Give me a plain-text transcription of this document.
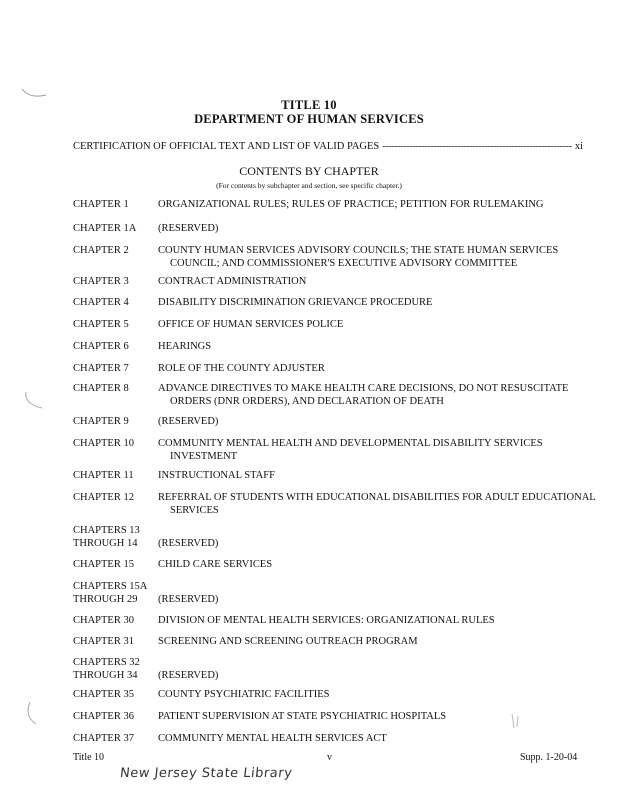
TITLE 10
DEPARTMENT OF HUMAN SERVICES
CERTIFICATION OF OFFICIAL TEXT AND LIST OF VALID PAGES
-----	xi
CONTENTS BY CHAPTER
(For contents by subchapter and section, see specific chapter.)
CHAPTER 1	ORGANIZATIONAL RULES; RULES OF PRACTICE; PETITION FOR RULEMAKING
CHAPTER 1A	(RESERVED)
CHAPTER 2	COUNTY HUMAN SERVICES ADVISORY COUNCILS; THE STATE HUMAN SERVICES
COUNCIL; AND COMMISSIONER'S EXECUTIVE ADVISORY COMMITTEE
CHAPTER 3	CONTRACT ADMINISTRATION
CHAPTER 4	DISABILITY DISCRIMINATION GRIEVANCE PROCEDURE
CHAPTER 5	OFFICE OF HUMAN SERVICES POLICE
CHAPTER 6	HEARINGS
CHAPTER 7	ROLE OF THE COUNTY ADJUSTER
CHAPTER 8	ADVANCE DIRECTIVES TO MAKE HEALTH CARE DECISIONS, DO NOT RESUSCITATE
ORDERS (DNR ORDERS), AND DECLARATION OF DEATH
CHAPTER 9	(RESERVED)
CHAPTER 10	COMMUNITY MENTAL HEALTH AND DEVELOPMENTAL DISABILITY SERVICES
INVESTMENT
CHAPTER 11	INSTRUCTIONAL STAFF
CHAPTER 12	REFERRAL OF STUDENTS WITH EDUCATIONAL DISABILITIES FOR ADULT EDUCATIONAL
SERVICES
CHAPTERS 13
THROUGH 14	(RESERVED)
CHAPTER 15	CHILD CARE SERVICES
CHAPTERS 15A
THROUGH 29	(RESERVED)
CHAPTER 30	DIVISION OF MENTAL HEALTH SERVICES: ORGANIZATIONAL RULES
CHAPTER 31	SCREENING AND SCREENING OUTREACH PROGRAM
CHAPTERS 32
THROUGH 34	(RESERVED)
CHAPTER 35	COUNTY PSYCHIATRIC FACILITIES
CHAPTER 36	PATIENT SUPERVISION AT STATE PSYCHIATRIC HOSPITALS
CHAPTER 37	COMMUNITY MENTAL HEALTH SERVICES ACT
Title 10	v	Supp. 1-20-04
New Jersey State Library
